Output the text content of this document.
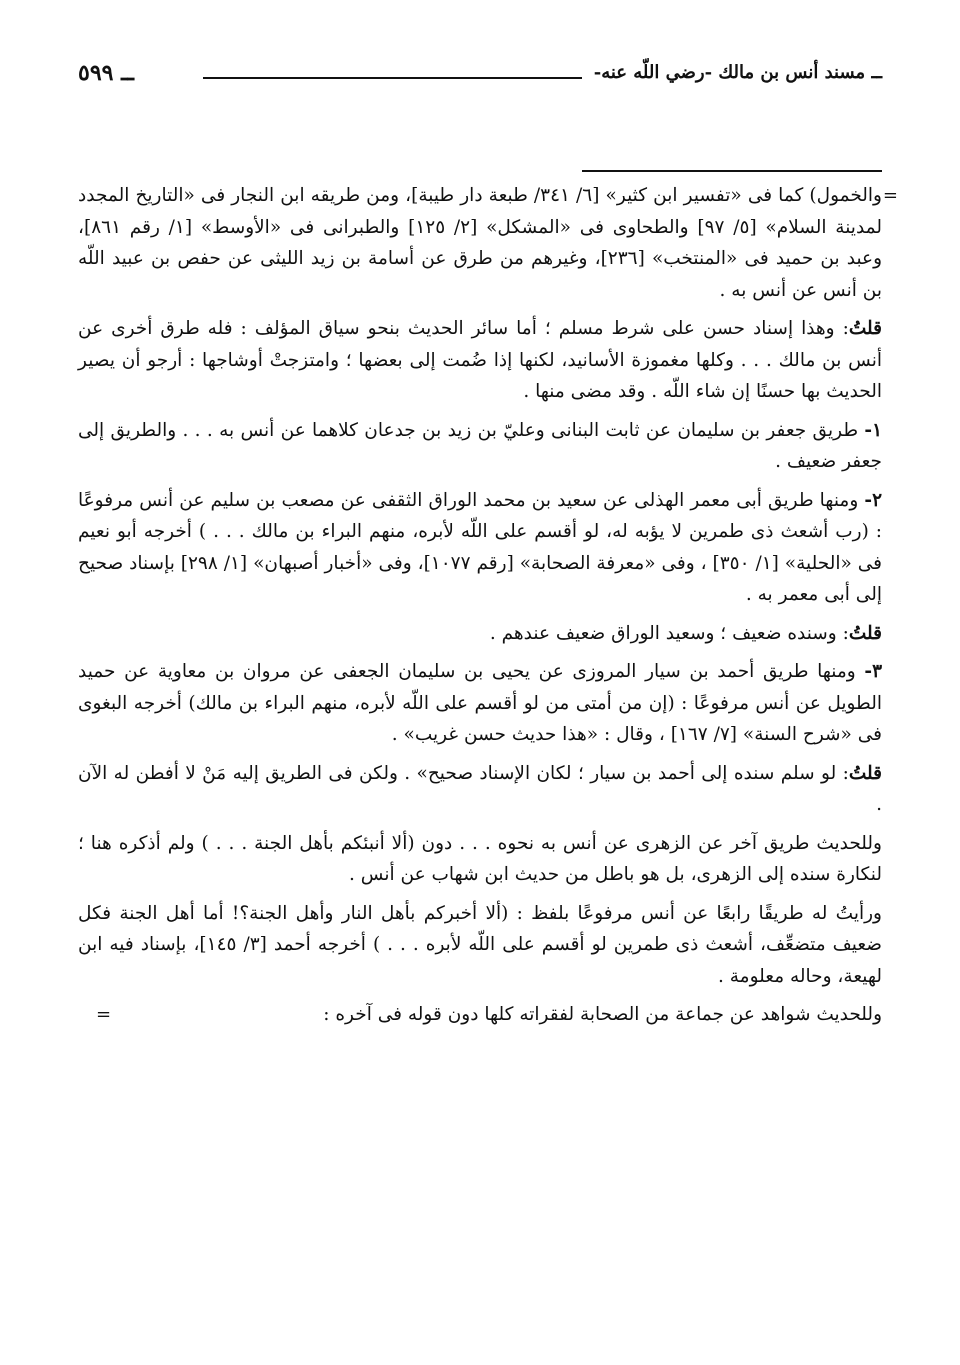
ــ مسند أنس بن مالك -رضي اللّه عنه-
ــ ٥٩٩

والخمول) كما فى «تفسير ابن كثير» [٦/ ٣٤١/ طبعة دار طيبة]، ومن طريقه ابن النجار فى «التاريخ المجدد لمدينة السلام» [٥/ ٩٧] والطحاوى فى «المشكل» [٢/ ١٢٥] والطبرانى فى «الأوسط» [١/ رقم ٨٦١]، وعبد بن حميد فى «المنتخب» [٢٣٦]، وغيرهم من طرق عن أسامة بن زيد الليثى عن حفص بن عبيد اللّه بن أنس عن أنس به .

قلتُ: وهذا إسناد حسن على شرط مسلم ؛ أما سائر الحديث بنحو سياق المؤلف : فله طرق أخرى عن أنس بن مالك . . . وكلها مغموزة الأسانيد، لكنها إذا ضُمت إلى بعضها ؛ وامتزجتْ أوشاجها : أرجو أن يصير الحديث بها حسنًا إن شاء اللّه . وقد مضى منها .

١- طريق جعفر بن سليمان عن ثابت البنانى وعليّ بن زيد بن جدعان كلاهما عن أنس به . . . والطريق إلى جعفر ضعيف .

٢- ومنها طريق أبى معمر الهذلى عن سعيد بن محمد الوراق الثقفى عن مصعب بن سليم عن أنس مرفوعًا : (رب أشعث ذى طمرين لا يؤبه له، لو أقسم على اللّه لأبره، منهم البراء بن مالك . . . ) أخرجه أبو نعيم فى «الحلية» [١/ ٣٥٠] ، وفى «معرفة الصحابة» [رقم ١٠٧٧]، وفى «أخبار أصبهان» [١/ ٢٩٨] بإسناد صحيح إلى أبى معمر به .

قلتُ: وسنده ضعيف ؛ وسعيد الوراق ضعيف عندهم .

٣- ومنها طريق أحمد بن سيار المروزى عن يحيى بن سليمان الجعفى عن مروان بن معاوية عن حميد الطويل عن أنس مرفوعًا : (إن من أمتى من لو أقسم على اللّه لأبره، منهم البراء بن مالك) أخرجه البغوى فى «شرح السنة» [٧/ ١٦٧] ، وقال : «هذا حديث حسن غريب» .

قلتُ: لو سلم سنده إلى أحمد بن سيار ؛ لكان الإسناد صحيح» . ولكن فى الطريق إليه مَنْ لا أفطن له الآن .

وللحديث طريق آخر عن الزهرى عن أنس به نحوه . . . دون (ألا أنبئكم بأهل الجنة . . . ) ولم أذكره هنا ؛ لنكارة سنده إلى الزهرى، بل هو باطل من حديث ابن شهاب عن أنس .

ورأيتُ له طريقًا رابعًا عن أنس مرفوعًا بلفظ : (ألا أخبركم بأهل النار وأهل الجنة؟! أما أهل الجنة فكل ضعيف متضعِّف، أشعث ذى طمرين لو أقسم على اللّه لأبره . . . ) أخرجه أحمد [٣/ ١٤٥]، بإسناد فيه ابن لهيعة، وحاله معلومة .

وللحديث شواهد عن جماعة من الصحابة لفقراته كلها دون قوله فى آخره :
=

=
